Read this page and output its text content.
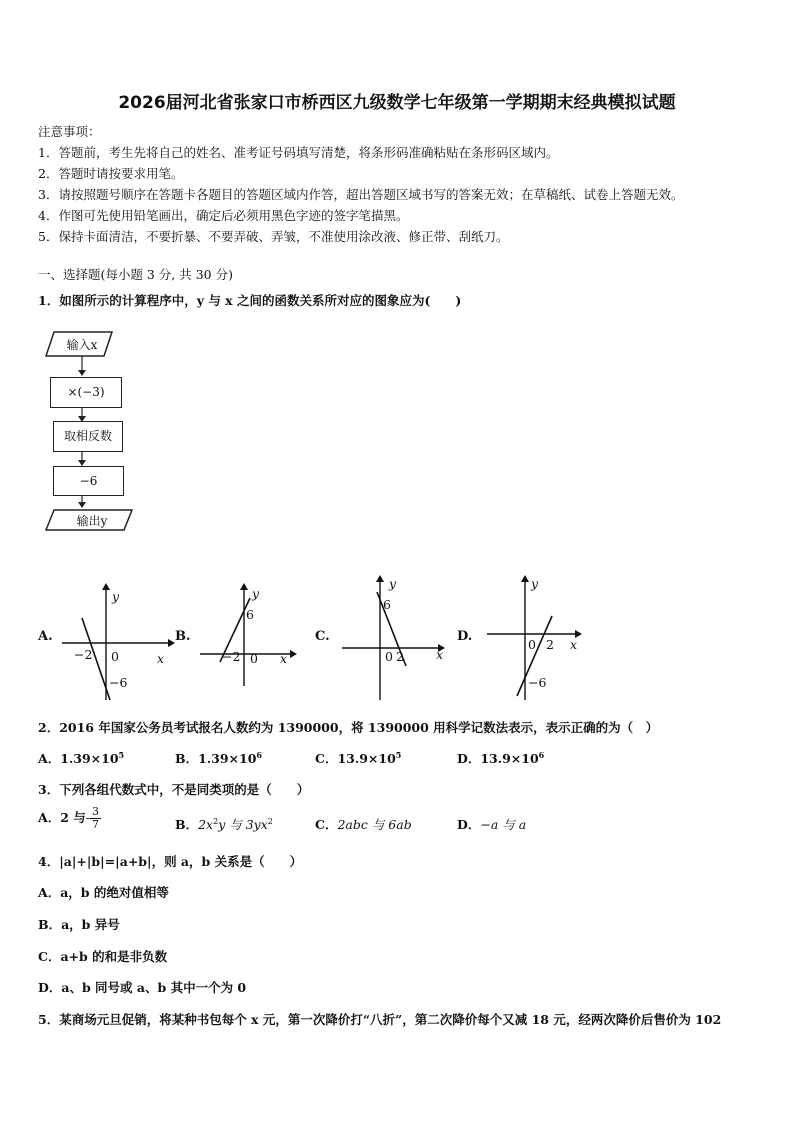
2026届河北省张家口市桥西区九级数学七年级第一学期期末经典模拟试题
注意事项：
1．答题前，考生先将自己的姓名、准考证号码填写清楚，将条形码准确粘贴在条形码区域内。
2．答题时请按要求用笔。
3．请按照题号顺序在答题卡各题目的答题区域内作答，超出答题区域书写的答案无效；在草稿纸、试卷上答题无效。
4．作图可先使用铅笔画出，确定后必须用黑色字迹的签字笔描黑。
5．保持卡面清洁，不要折暴、不要弄破、弄皱，不准使用涂改液、修正带、刮纸刀。
一、选择题(每小题 3 分, 共 30 分)
1．如图所示的计算程序中，y 与 x 之间的函数关系所对应的图象应为(　　)
输入x
×(−3)
取相反数
−6
输出y
A.	B.	C.	D.
y
x
−2 0
−6
y
x
6
−2 0
y
x
6
0 2
y
x
0 2
−6
2．2016 年国家公务员考试报名人数约为 1390000，将 1390000 用科学记数法表示，表示正确的为（　）
A．$1.39\times 10^5$	B．$1.39\times 10^6$	C．$13.9\times 10^5$	D．$13.9\times 10^6$
3．下列各组代数式中，不是同类项的是（　　）
A．2 与- $\frac{3}{7}$	B．$2x^2y$ 与 $3yx^2$	C．2abc 与 6ab	D．−a 与 a
4．|a|+|b|=|a+b|，则 a，b 关系是（　　）
A．a，b 的绝对值相等
B．a，b 异号
C．a+b 的和是非负数
D．a、b 同号或 a、b 其中一个为 0
5．某商场元旦促销，将某种书包每个 x 元，第一次降价打“八折”，第二次降价每个又减 18 元，经两次降价后售价为 102
